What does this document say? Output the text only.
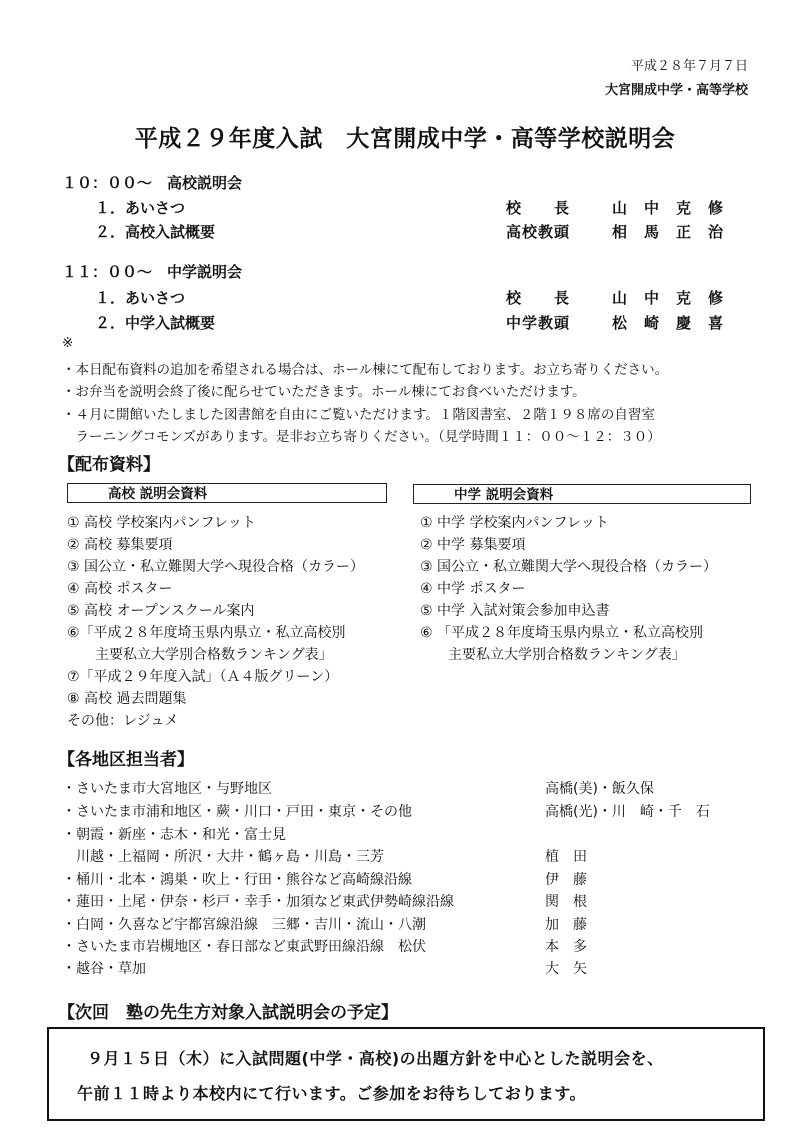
平成２８年７月７日
大宮開成中学・高等学校
平成２９年度入試　大宮開成中学・高等学校説明会
１０：００～　高校説明会
１．あいさつ	校　　長	山　中　克　修
２．高校入試概要	高校教頭	相　馬　正　治
１１：００～　中学説明会
１．あいさつ	校　　長	山　中　克　修
２．中学入試概要	中学教頭	松　崎　慶　喜
※
・本日配布資料の追加を希望される場合は、ホール棟にて配布しております。お立ち寄りください。
・お弁当を説明会終了後に配らせていただきます。ホール棟にてお食べいただけます。
・４月に開館いたしました図書館を自由にご覧いただけます。１階図書室、２階１９８席の自習室
　ラーニングコモンズがあります。是非お立ち寄りください。（見学時間１１：００～１２：３０）
【配布資料】
高校 説明会資料	中学 説明会資料
① 高校 学校案内パンフレット
② 高校 募集要項
③ 国公立・私立難関大学へ現役合格（カラー）
④ 高校 ポスター
⑤ 高校 オープンスクール案内
⑥「平成２８年度埼玉県内県立・私立高校別
　　主要私立大学別合格数ランキング表」
⑦「平成２９年度入試」（Ａ４版グリーン）
⑧ 高校 過去問題集
その他：レジュメ
① 中学 学校案内パンフレット
② 中学 募集要項
③ 国公立・私立難関大学へ現役合格（カラー）
④ 中学 ポスター
⑤ 中学 入試対策会参加申込書
⑥ 「平成２８年度埼玉県内県立・私立高校別
　　主要私立大学別合格数ランキング表」
【各地区担当者】
・さいたま市大宮地区・与野地区	高橋(美)・飯久保
・さいたま市浦和地区・蕨・川口・戸田・東京・その他	高橋(光)・川　崎・千　石
・朝霞・新座・志木・和光・富士見
　川越・上福岡・所沢・大井・鶴ヶ島・川島・三芳	植　田
・桶川・北本・鴻巣・吹上・行田・熊谷など高崎線沿線	伊　藤
・蓮田・上尾・伊奈・杉戸・幸手・加須など東武伊勢崎線沿線	関　根
・白岡・久喜など宇都宮線沿線　三郷・吉川・流山・八潮	加　藤
・さいたま市岩槻地区・春日部など東武野田線沿線　松伏	本　多
・越谷・草加	大　矢
【次回　塾の先生方対象入試説明会の予定】
９月１５日（木）に入試問題(中学・高校)の出題方針を中心とした説明会を、
午前１１時より本校内にて行います。ご参加をお待ちしております。
